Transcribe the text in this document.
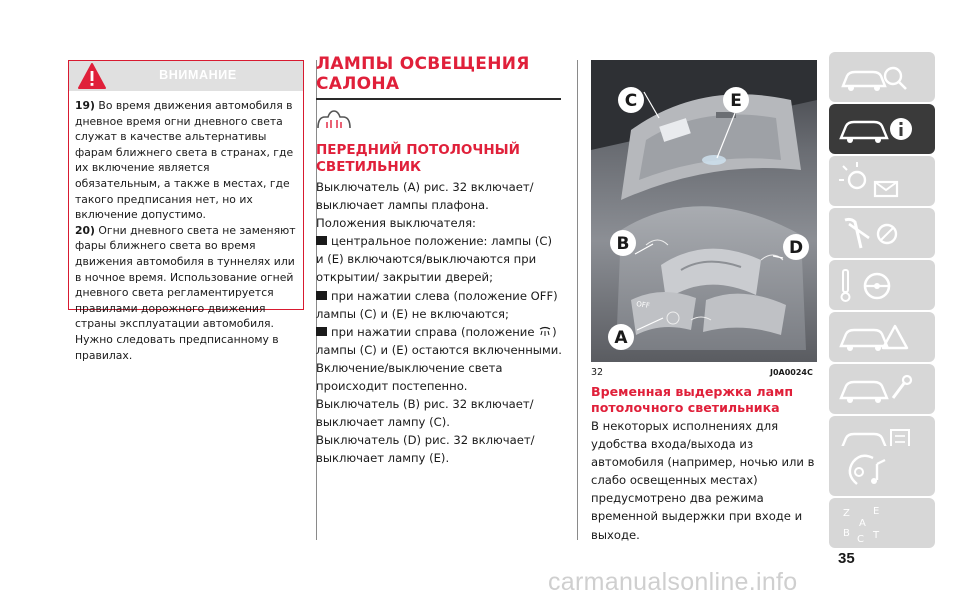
ВНИМАНИЕ

19) Во время движения автомобиля в дневное время огни дневного света служат в качестве альтернативы фарам ближнего света в странах, где их включение является обязательным, а также в местах, где такого предписания нет, но их включение допустимо.

20) Огни дневного света не заменяют фары ближнего света во время движения автомобиля в туннелях или в ночное время. Использование огней дневного света регламентируется правилами дорожного движения страны эксплуатации автомобиля. Нужно следовать предписанному в правилах.

ЛАМПЫ ОСВЕЩЕНИЯ
САЛОНА
ПЕРЕДНИЙ ПОТОЛОЧНЫЙ
СВЕТИЛЬНИК

Выключатель (A) рис. 32 включает/выключает лампы плафона.

Положения выключателя:

центральное положение: лампы (C)

и (E) включаются/выключаются при открытии/ закрытии дверей;

при нажатии слева (положение OFF)

лампы (C) и (E) не включаются;

при нажатии справа (положение )

лампы (C) и (E) остаются включенными.

Включение/выключение света происходит постепенно.

Выключатель (B) рис. 32 включает/выключает лампу (C).

Выключатель (D) рис. 32 включает/выключает лампу (E).

OFF
C	E
B	D
A
32	J0A0024C
Временная выдержка ламп
потолочного светильника

В некоторых исполнениях для удобства входа/выхода из автомобиля (например, ночью или в слабо освещенных местах) предусмотрено два режима временной выдержки при входе и выходе.

Z E
A
B
C T
35
carmanualsonline.info
